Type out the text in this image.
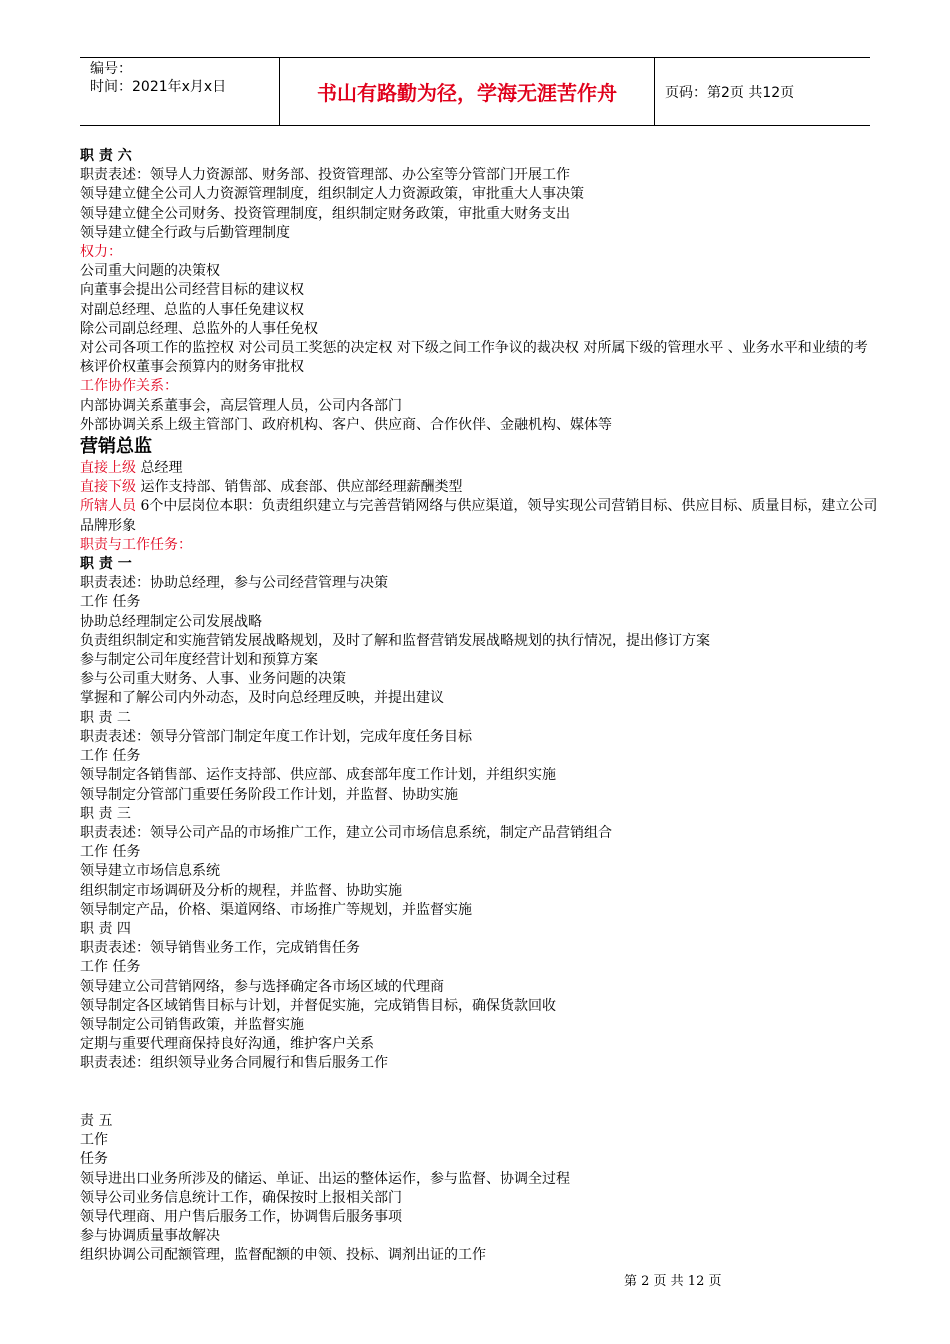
编号：
时间：2021年x月x日	书山有路勤为径，学海无涯苦作舟	页码：第2页 共12页
职 责 六
职责表述：领导人力资源部、财务部、投资管理部、办公室等分管部门开展工作
领导建立健全公司人力资源管理制度，组织制定人力资源政策，审批重大人事决策
领导建立健全公司财务、投资管理制度，组织制定财务政策，审批重大财务支出
领导建立健全行政与后勤管理制度
权力：
公司重大问题的决策权
向董事会提出公司经营目标的建议权
对副总经理、总监的人事任免建议权
除公司副总经理、总监外的人事任免权
对公司各项工作的监控权 对公司员工奖惩的决定权 对下级之间工作争议的裁决权 对所属下级的管理水平 、业务水平和业绩的考核评价权董事会预算内的财务审批权
工作协作关系：
内部协调关系董事会，高层管理人员，公司内各部门
外部协调关系上级主管部门、政府机构、客户、供应商、合作伙伴、金融机构、媒体等
营销总监
直接上级 总经理
直接下级 运作支持部、销售部、成套部、供应部经理薪酬类型
所辖人员 6个中层岗位本职：负责组织建立与完善营销网络与供应渠道，领导实现公司营销目标、供应目标、质量目标，建立公司品牌形象
职责与工作任务：
职 责 一
职责表述：协助总经理，参与公司经营管理与决策
工作 任务
协助总经理制定公司发展战略
负责组织制定和实施营销发展战略规划，及时了解和监督营销发展战略规划的执行情况，提出修订方案
参与制定公司年度经营计划和预算方案
参与公司重大财务、人事、业务问题的决策
掌握和了解公司内外动态，及时向总经理反映，并提出建议
职 责 二
职责表述：领导分管部门制定年度工作计划，完成年度任务目标
工作 任务
领导制定各销售部、运作支持部、供应部、成套部年度工作计划，并组织实施
领导制定分管部门重要任务阶段工作计划，并监督、协助实施
职 责 三
职责表述：领导公司产品的市场推广工作，建立公司市场信息系统，制定产品营销组合
工作 任务
领导建立市场信息系统
组织制定市场调研及分析的规程，并监督、协助实施
领导制定产品，价格、渠道网络、市场推广等规划，并监督实施
职 责 四
职责表述：领导销售业务工作，完成销售任务
工作 任务
领导建立公司营销网络，参与选择确定各市场区域的代理商
领导制定各区域销售目标与计划，并督促实施，完成销售目标，确保货款回收
领导制定公司销售政策，并监督实施
定期与重要代理商保持良好沟通，维护客户关系
职责表述：组织领导业务合同履行和售后服务工作

责 五
工作
任务
领导进出口业务所涉及的储运、单证、出运的整体运作，参与监督、协调全过程
领导公司业务信息统计工作，确保按时上报相关部门
领导代理商、用户售后服务工作，协调售后服务事项
参与协调质量事故解决
组织协调公司配额管理，监督配额的申领、投标、调剂出证的工作
第 2 页 共 12 页
